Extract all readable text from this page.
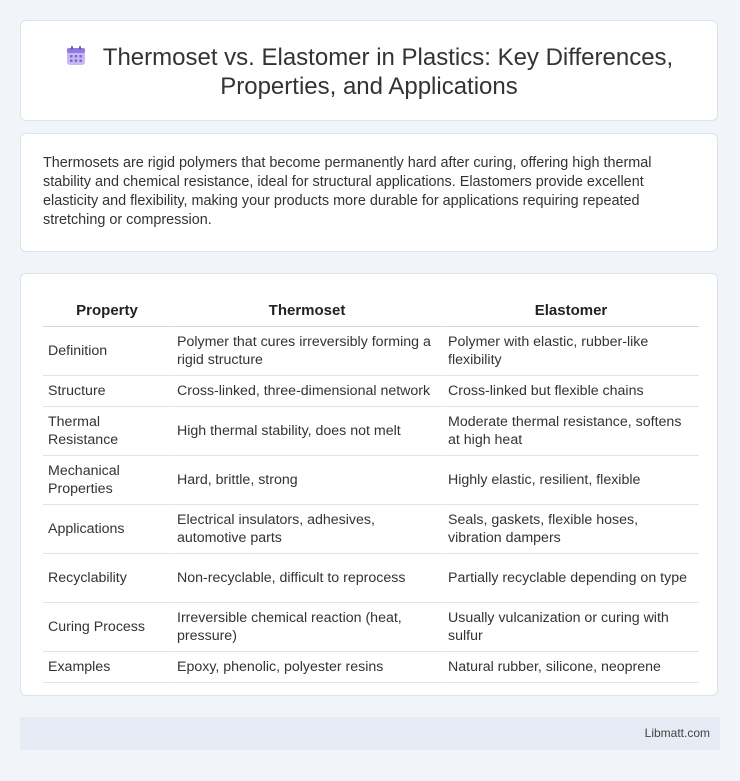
Thermoset vs. Elastomer in Plastics: Key Differences,
Properties, and Applications
Thermosets are rigid polymers that become permanently hard after curing, offering high thermal stability and chemical resistance, ideal for structural applications. Elastomers provide excellent elasticity and flexibility, making your products more durable for applications requiring repeated stretching or compression.
Property	Thermoset	Elastomer
Definition	Polymer that cures irreversibly forming a rigid structure	Polymer with elastic, rubber-like flexibility
Structure	Cross-linked, three-dimensional network	Cross-linked but flexible chains
Thermal Resistance	High thermal stability, does not melt	Moderate thermal resistance, softens at high heat
Mechanical Properties	Hard, brittle, strong	Highly elastic, resilient, flexible
Applications	Electrical insulators, adhesives, automotive parts	Seals, gaskets, flexible hoses, vibration dampers
Recyclability	Non-recyclable, difficult to reprocess	Partially recyclable depending on type
Curing Process	Irreversible chemical reaction (heat, pressure)	Usually vulcanization or curing with sulfur
Examples	Epoxy, phenolic, polyester resins	Natural rubber, silicone, neoprene
Libmatt.com
